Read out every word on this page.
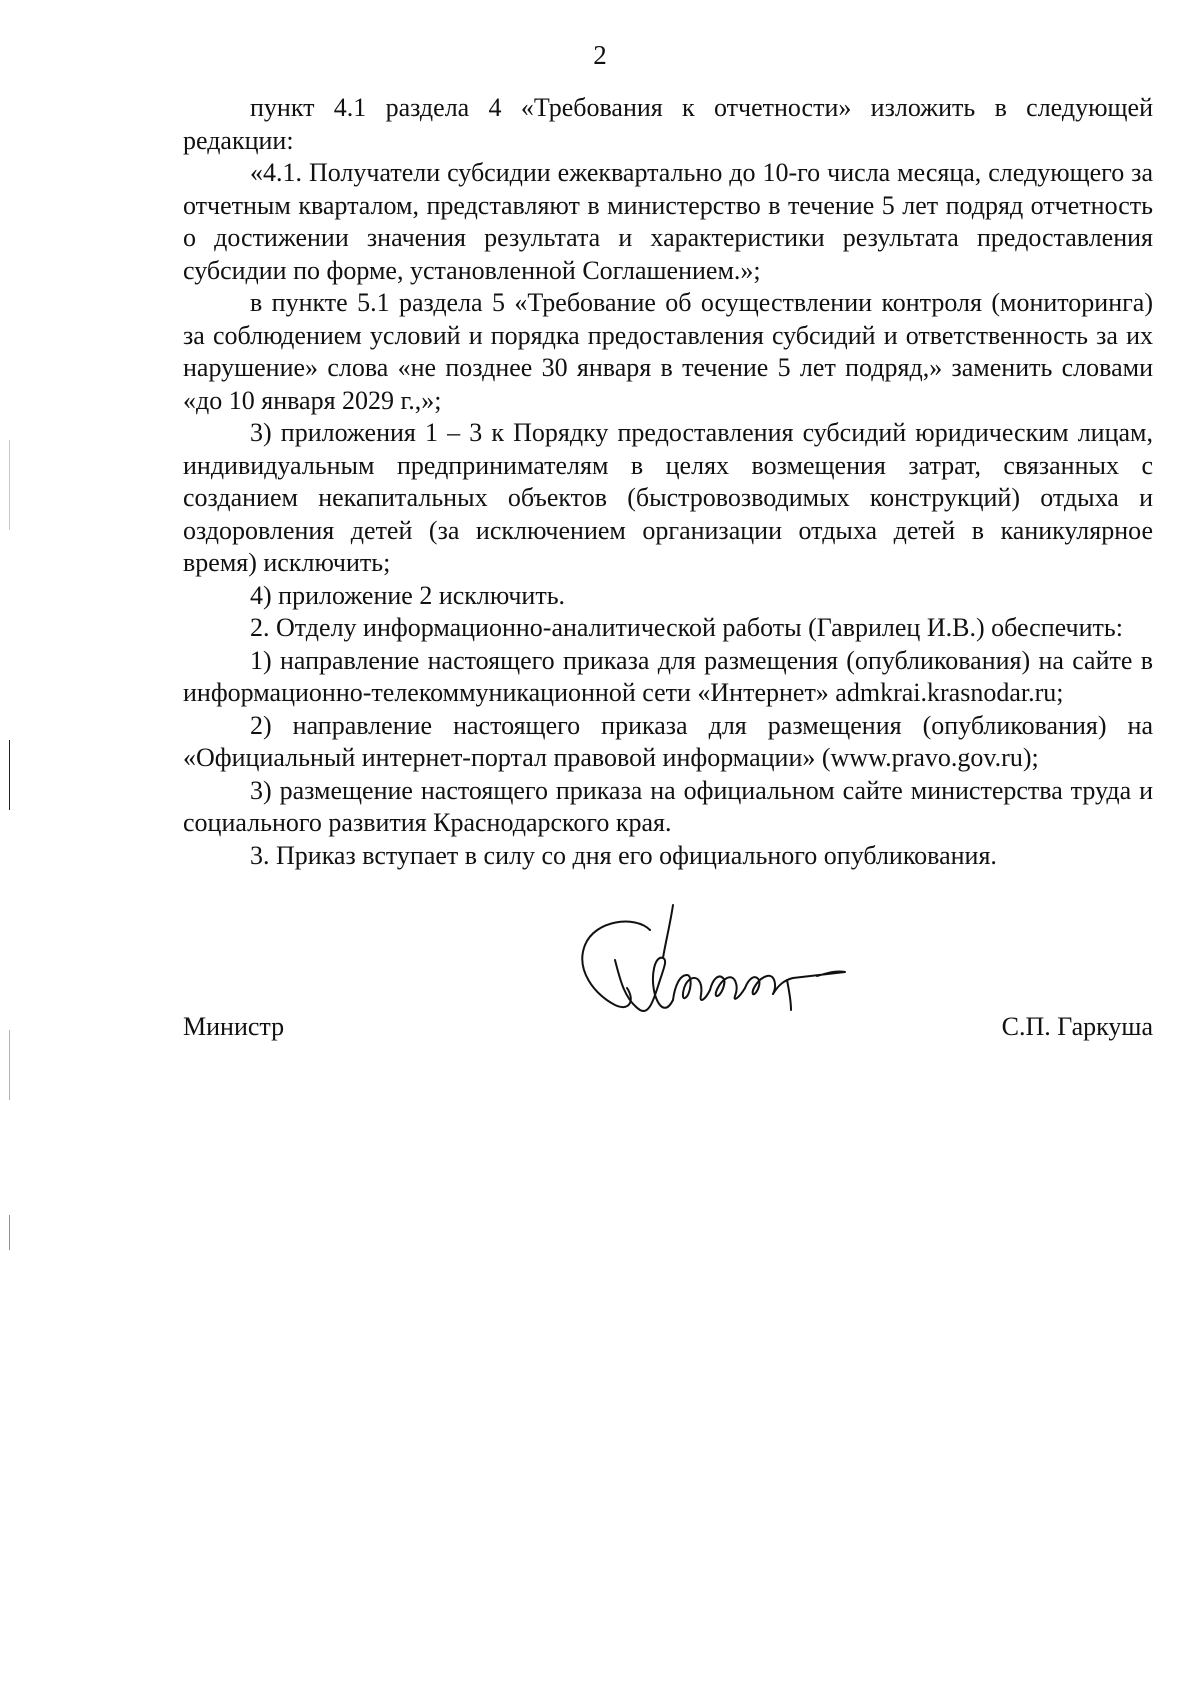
2

пункт 4.1 раздела 4 «Требования к отчетности» изложить в следующей редакции:

«4.1. Получатели субсидии ежеквартально до 10-го числа месяца, следующего за отчетным кварталом, представляют в министерство в течение 5 лет подряд отчетность о достижении значения результата и характеристики результата предоставления субсидии по форме, установленной Соглашением.»;

в пункте 5.1 раздела 5 «Требование об осуществлении контроля (мониторинга) за соблюдением условий и порядка предоставления субсидий и ответственность за их нарушение» слова «не позднее 30 января в течение 5 лет подряд,» заменить словами «до 10 января 2029 г.,»;

3) приложения 1 – 3 к Порядку предоставления субсидий юридическим лицам, индивидуальным предпринимателям в целях возмещения затрат, связанных с созданием некапитальных объектов (быстровозводимых конструкций) отдыха и оздоровления детей (за исключением организации отдыха детей в каникулярное время) исключить;

4) приложение 2 исключить.

2. Отделу информационно-аналитической работы (Гаврилец И.В.) обеспечить:

1) направление настоящего приказа для размещения (опубликования) на сайте в информационно-телекоммуникационной сети «Интернет» admkrai.krasnodar.ru;

2) направление настоящего приказа для размещения (опубликования) на «Официальный интернет-портал правовой информации» (www.pravo.gov.ru);

3) размещение настоящего приказа на официальном сайте министерства труда и социального развития Краснодарского края.

3. Приказ вступает в силу со дня его официального опубликования.

Министр	С.П. Гаркуша
